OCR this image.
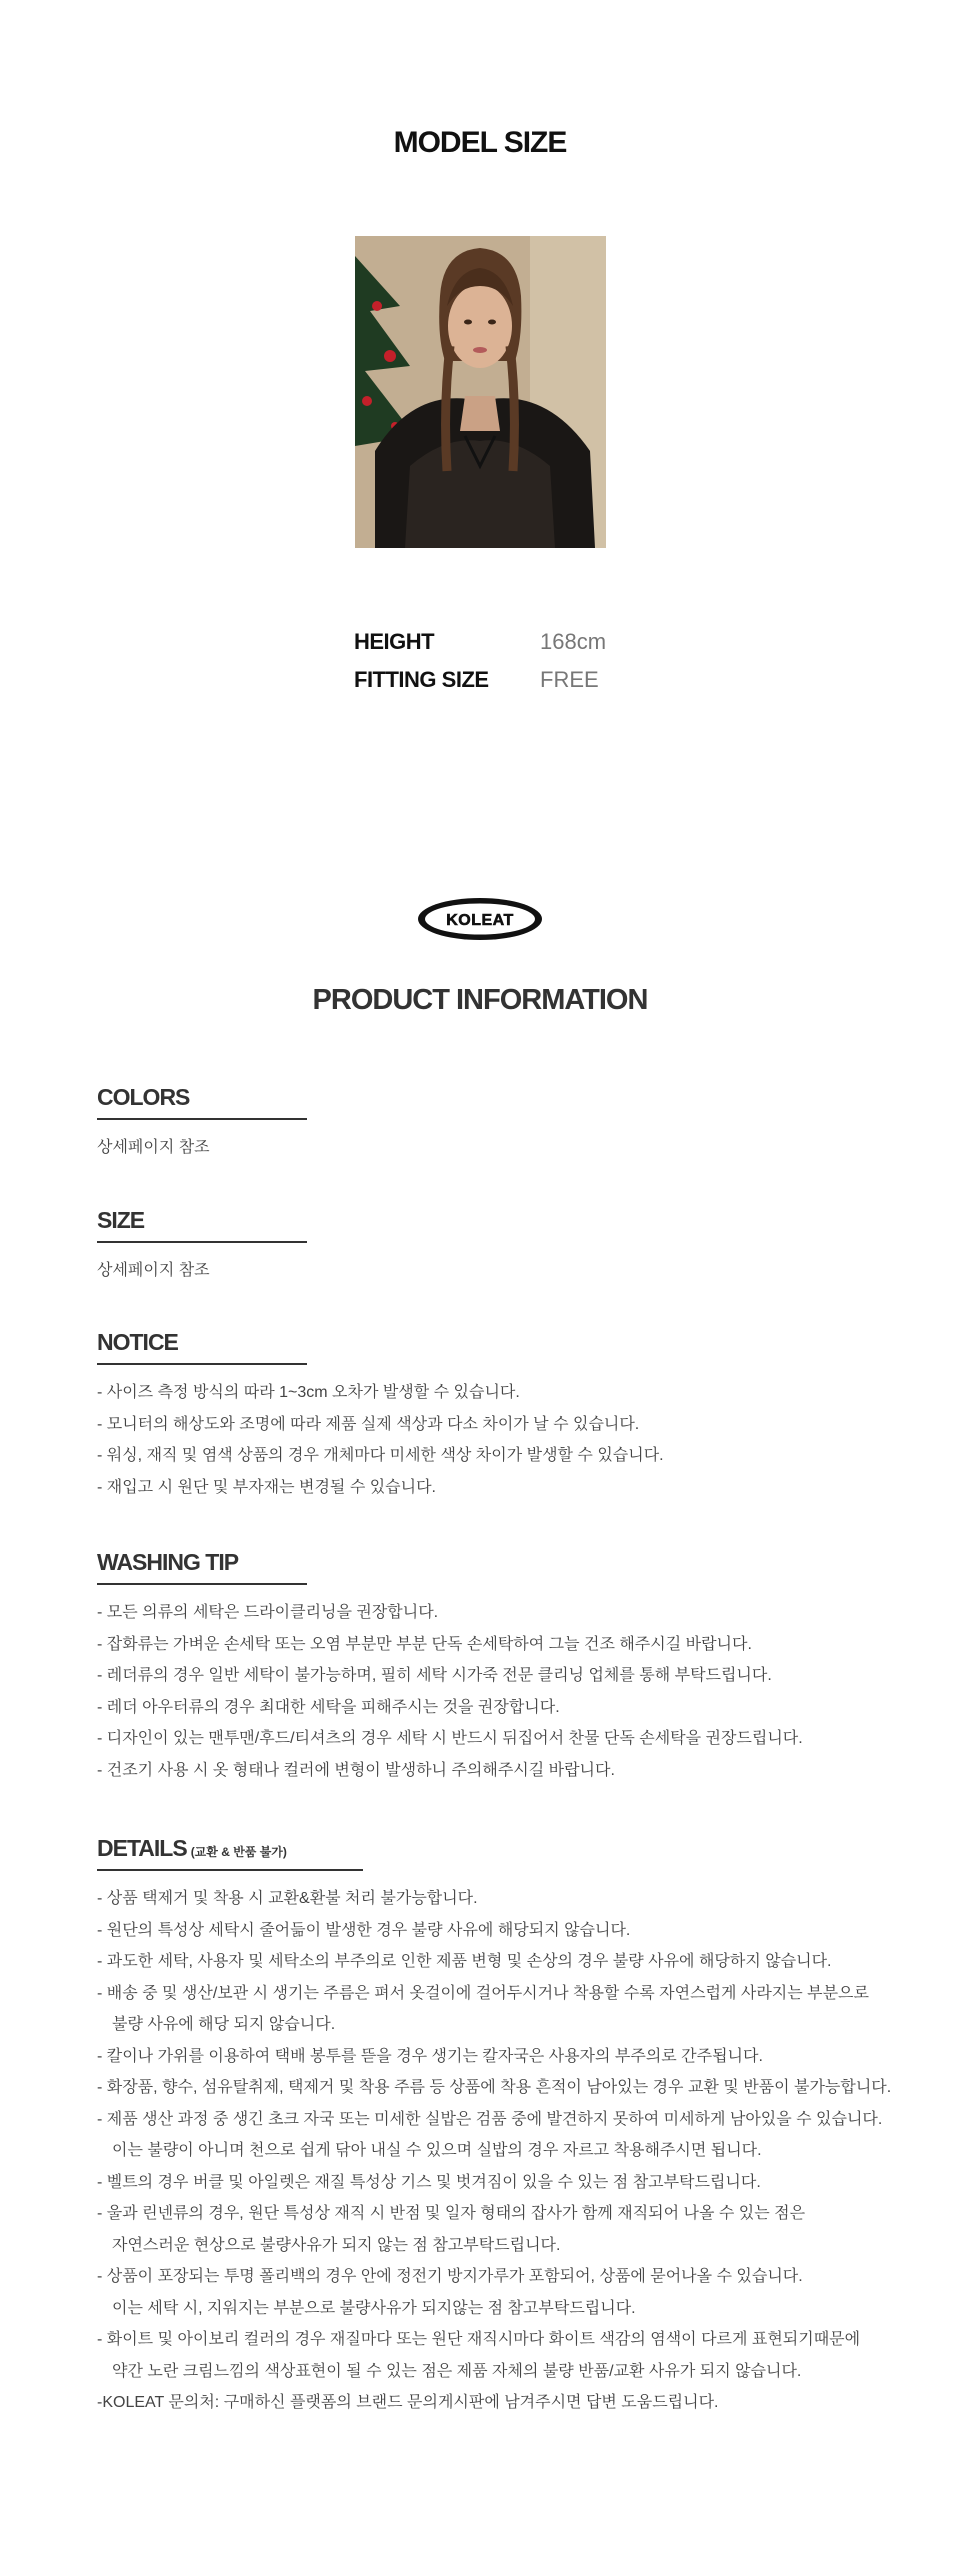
MODEL SIZE
HEIGHT	168cm
FITTING SIZE FREE
KOLEAT
PRODUCT INFORMATION
COLORS
상세페이지 참조
SIZE
상세페이지 참조
NOTICE
- 사이즈 측정 방식의 따라 1~3cm 오차가 발생할 수 있습니다.
- 모니터의 해상도와 조명에 따라 제품 실제 색상과 다소 차이가 날 수 있습니다.
- 워싱, 재직 및 염색 상품의 경우 개체마다 미세한 색상 차이가 발생할 수 있습니다.
- 재입고 시 원단 및 부자재는 변경될 수 있습니다.
WASHING TIP
- 모든 의류의 세탁은 드라이클리닝을 권장합니다.
- 잡화류는 가벼운 손세탁 또는 오염 부분만 부분 단독 손세탁하여 그늘 건조 해주시길 바랍니다.
- 레더류의 경우 일반 세탁이 불가능하며, 필히 세탁 시가죽 전문 클리닝 업체를 통해 부탁드립니다.
- 레더 아우터류의 경우 최대한 세탁을 피해주시는 것을 권장합니다.
- 디자인이 있는 맨투맨/후드/티셔츠의 경우 세탁 시 반드시 뒤집어서 찬물 단독 손세탁을 권장드립니다.
- 건조기 사용 시 옷 형태나 컬러에 변형이 발생하니 주의해주시길 바랍니다.
DETAILS (교환 & 반품 불가)
- 상품 택제거 및 착용 시 교환&환불 처리 불가능합니다.
- 원단의 특성상 세탁시 줄어듦이 발생한 경우 불량 사유에 해당되지 않습니다.
- 과도한 세탁, 사용자 및 세탁소의 부주의로 인한 제품 변형 및 손상의 경우 불량 사유에 해당하지 않습니다.
- 배송 중 및 생산/보관 시 생기는 주름은 펴서 옷걸이에 걸어두시거나 착용할 수록 자연스럽게 사라지는 부분으로
불량 사유에 해당 되지 않습니다.
- 칼이나 가위를 이용하여 택배 봉투를 뜯을 경우 생기는 칼자국은 사용자의 부주의로 간주됩니다.
- 화장품, 향수, 섬유탈취제, 택제거 및 착용 주름 등 상품에 착용 흔적이 남아있는 경우 교환 및 반품이 불가능합니다.
- 제품 생산 과정 중 생긴 초크 자국 또는 미세한 실밥은 검품 중에 발견하지 못하여 미세하게 남아있을 수 있습니다.
이는 불량이 아니며 천으로 쉽게 닦아 내실 수 있으며 실밥의 경우 자르고 착용해주시면 됩니다.
- 벨트의 경우 버클 및 아일렛은 재질 특성상 기스 및 벗겨짐이 있을 수 있는 점 참고부탁드립니다.
- 울과 린넨류의 경우, 원단 특성상 재직 시 반점 및 일자 형태의 잡사가 함께 재직되어 나올 수 있는 점은
자연스러운 현상으로 불량사유가 되지 않는 점 참고부탁드립니다.
- 상품이 포장되는 투명 폴리백의 경우 안에 정전기 방지가루가 포함되어, 상품에 묻어나올 수 있습니다.
이는 세탁 시, 지워지는 부분으로 불량사유가 되지않는 점 참고부탁드립니다.
- 화이트 및 아이보리 컬러의 경우 재질마다 또는 원단 재직시마다 화이트 색감의 염색이 다르게 표현되기때문에
약간 노란 크림느낌의 색상표현이 될 수 있는 점은 제품 자체의 불량 반품/교환 사유가 되지 않습니다.
-KOLEAT 문의처: 구매하신 플랫폼의 브랜드 문의게시판에 남겨주시면 답변 도움드립니다.
